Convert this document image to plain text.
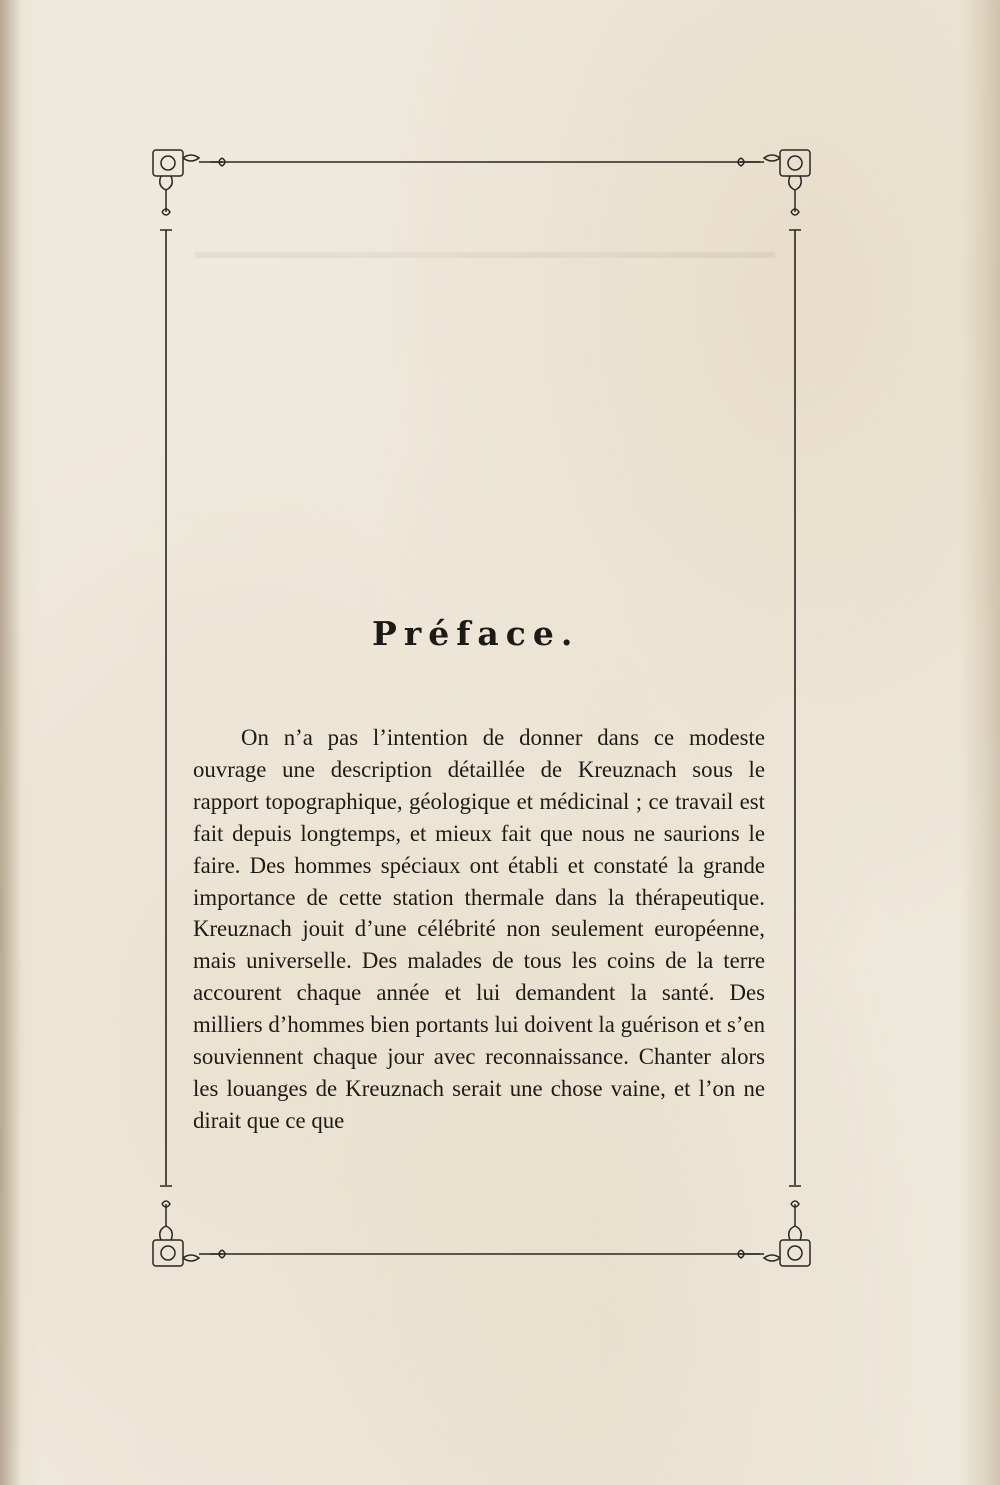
Préface.

On n’a pas l’intention de donner dans ce modeste ouvrage une description détaillée de Kreuznach sous le rapport topographique, géologique et médicinal ; ce travail est fait depuis longtemps, et mieux fait que nous ne saurions le faire. Des hommes spéciaux ont établi et constaté la grande importance de cette station thermale dans la thérapeutique. Kreuznach jouit d’une célébrité non seulement européenne, mais universelle. Des malades de tous les coins de la terre accourent chaque année et lui demandent la santé. Des milliers d’hommes bien portants lui doivent la guérison et s’en souviennent chaque jour avec reconnaissance. Chanter alors les louanges de Kreuznach serait une chose vaine, et l’on ne dirait que ce que
